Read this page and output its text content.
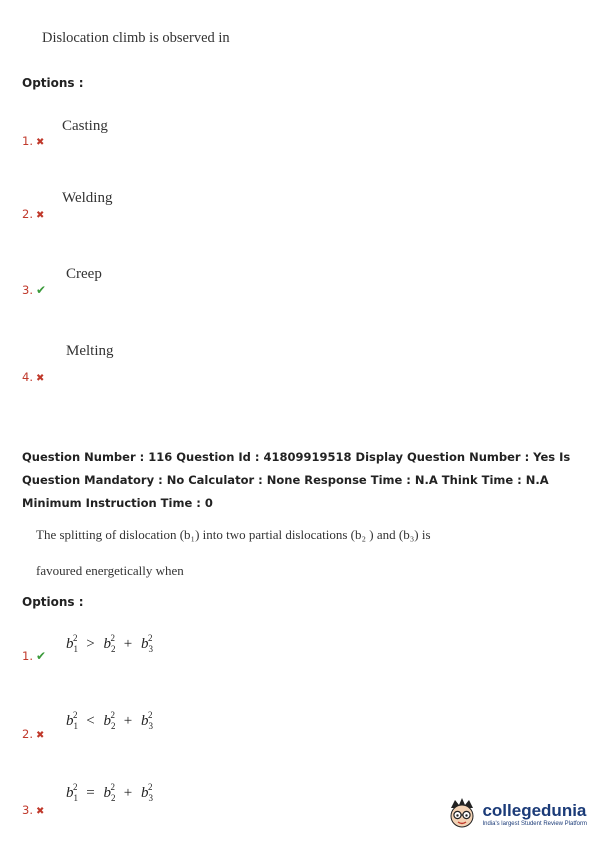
Dislocation climb is observed in
Options :
Casting
1. ✖
Welding
2. ✖
Creep
3. ✔
Melting
4. ✖
Question Number : 116 Question Id : 41809919518 Display Question Number : Yes Is Question Mandatory : No Calculator : None Response Time : N.A Think Time : N.A Minimum Instruction Time : 0
The splitting of dislocation (b₁) into two partial dislocations (b₂ ) and (b₃) is
favoured energetically when
Options :
$b_1^2 > b_2^2 + b_3^2$
1. ✔
$b_1^2 < b_2^2 + b_3^2$
2. ✖
$b_1^2 = b_2^2 + b_3^2$
3. ✖	collegedunia
India's largest Student Review Platform
